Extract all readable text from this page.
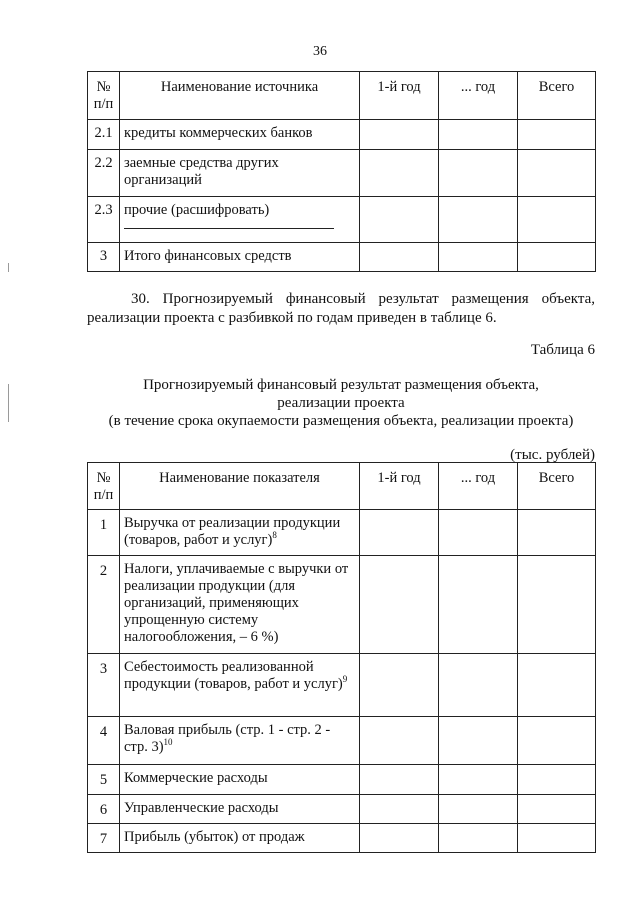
36
№ п/п	Наименование источника	1-й год	... год	Всего
2.1	кредиты коммерческих банков			
2.2	заемные средства других организаций			
2.3	прочие (расшифровать)

3	Итого финансовых средств			

30. Прогнозируемый финансовый результат размещения объекта,
реализации проекта с разбивкой по годам приведен в таблице 6.

Таблица 6
Прогнозируемый финансовый результат размещения объекта,
реализации проекта
(в течение срока окупаемости размещения объекта, реализации проекта)
(тыс. рублей)
№ п/п	Наименование показателя	1-й год	... год	Всего
1	Выручка от реализации продукции (товаров, работ и услуг)$^8$			
2	Налоги, уплачиваемые с выручки от реализации продукции (для организаций, применяющих упрощенную систему налогообложения, – 6 %)			
3	Себестоимость реализованной продукции (товаров, работ и услуг)$^9$			
4	Валовая прибыль (стр. 1 - стр. 2 - стр. 3)$^{10}$			
5	Коммерческие расходы			
6	Управленческие расходы			
7	Прибыль (убыток) от продаж			
